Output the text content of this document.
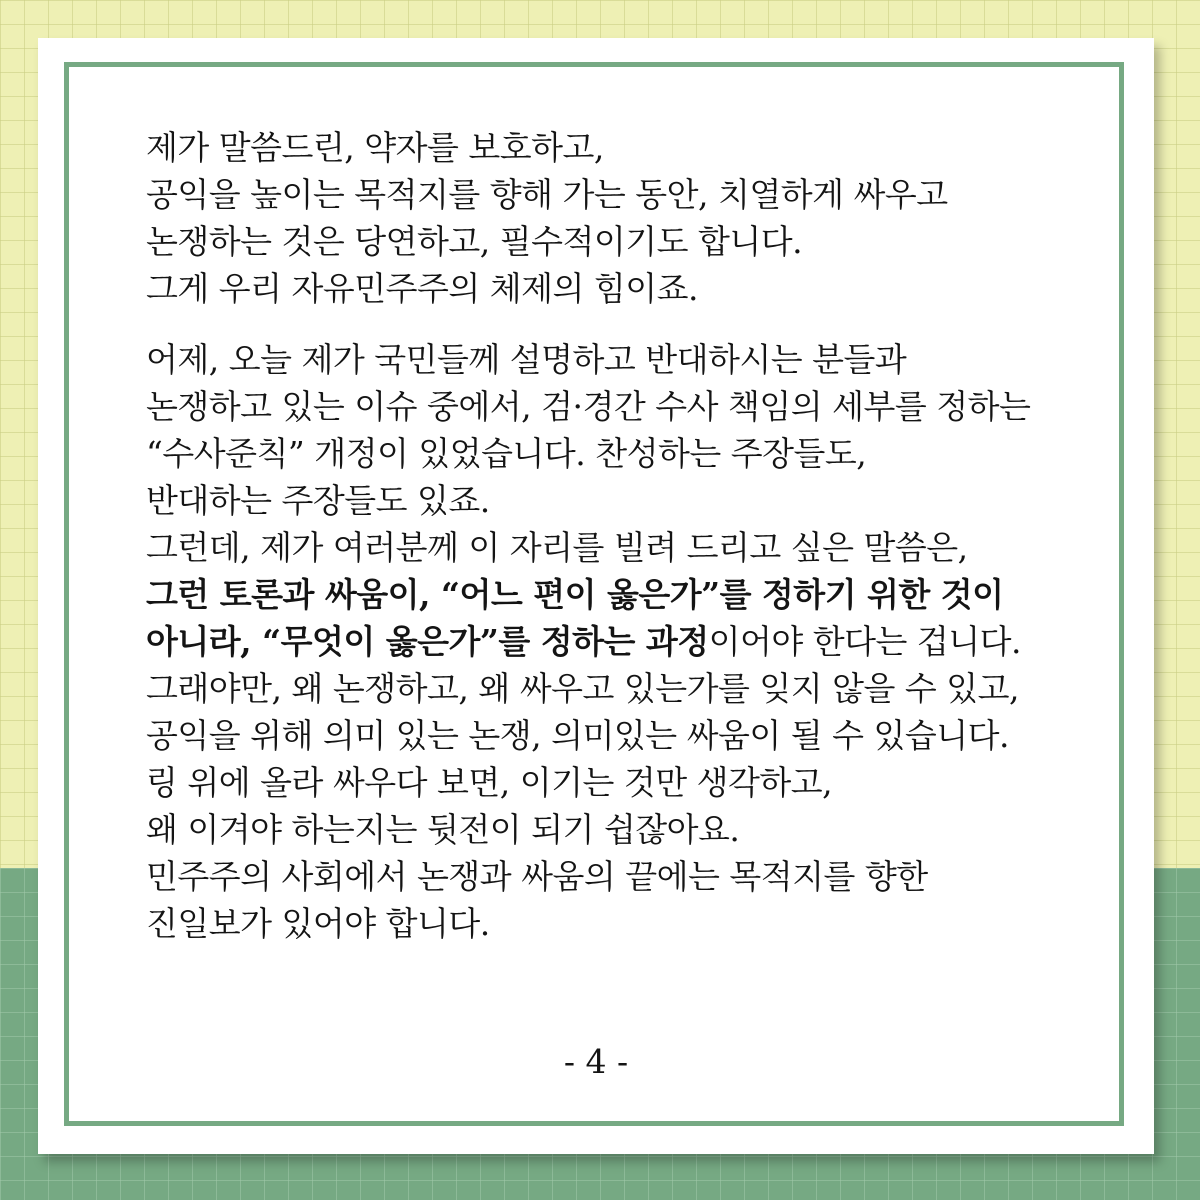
제가 말씀드린, 약자를 보호하고,
공익을 높이는 목적지를 향해 가는 동안, 치열하게 싸우고
논쟁하는 것은 당연하고, 필수적이기도 합니다.
그게 우리 자유민주주의 체제의 힘이죠.
어제, 오늘 제가 국민들께 설명하고 반대하시는 분들과
논쟁하고 있는 이슈 중에서, 검·경간 수사 책임의 세부를 정하는
“수사준칙” 개정이 있었습니다. 찬성하는 주장들도,
반대하는 주장들도 있죠.
그런데, 제가 여러분께 이 자리를 빌려 드리고 싶은 말씀은,
그런 토론과 싸움이, “어느 편이 옳은가”를 정하기 위한 것이
아니라, “무엇이 옳은가”를 정하는 과정이어야 한다는 겁니다.
그래야만, 왜 논쟁하고, 왜 싸우고 있는가를 잊지 않을 수 있고,
공익을 위해 의미 있는 논쟁, 의미있는 싸움이 될 수 있습니다.
링 위에 올라 싸우다 보면, 이기는 것만 생각하고,
왜 이겨야 하는지는 뒷전이 되기 쉽잖아요.
민주주의 사회에서 논쟁과 싸움의 끝에는 목적지를 향한
진일보가 있어야 합니다.
- 4 -
